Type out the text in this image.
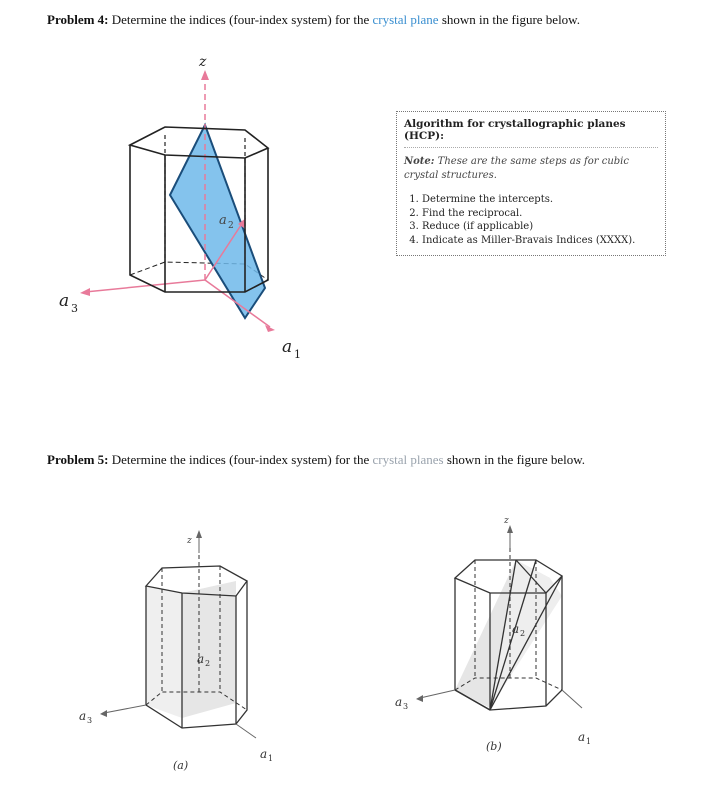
Problem 4: Determine the indices (four-index system) for the crystal plane shown in the figure below.
z
a 3
a 1
a 2
Algorithm for crystallographic planes (HCP):
Note: These are the same steps as for cubic crystal structures.
1. Determine the intercepts.
2. Find the reciprocal.
3. Reduce (if applicable)
4. Indicate as Miller-Bravais Indices (XXXX).
Problem 5: Determine the indices (four-index system) for the crystal planes shown in the figure below.
z
a 2
a 3
a 1
(a)
z
a 2
a 3
a 1
(b)
